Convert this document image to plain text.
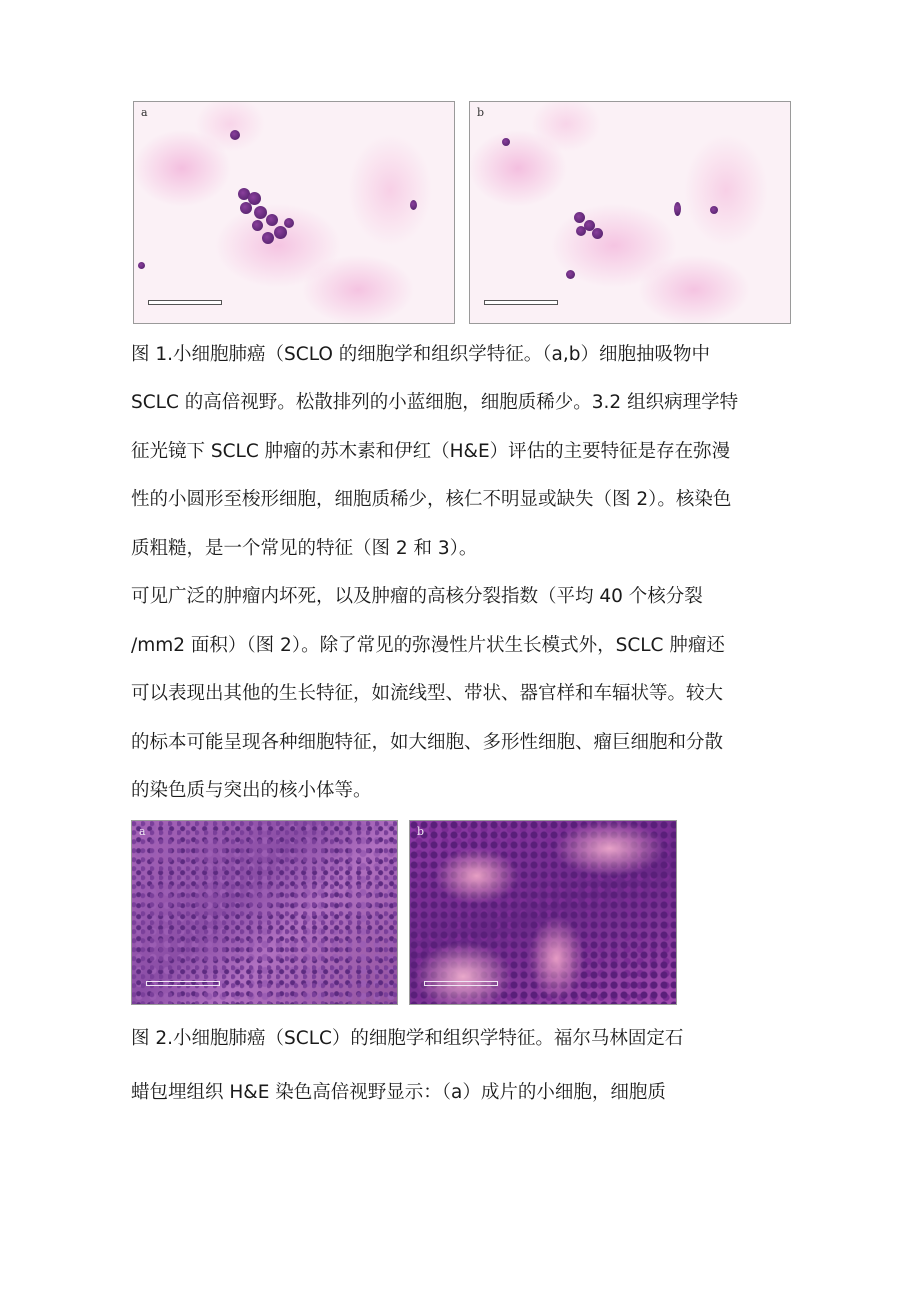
a	b

图 1.小细胞肺癌（SCLO 的细胞学和组织学特征。（a,b）细胞抽吸物中

SCLC 的高倍视野。松散排列的小蓝细胞，细胞质稀少。3.2 组织病理学特

征光镜下 SCLC 肿瘤的苏木素和伊红（H&E）评估的主要特征是存在弥漫

性的小圆形至梭形细胞，细胞质稀少，核仁不明显或缺失（图 2）。核染色

质粗糙，是一个常见的特征（图 2 和 3）。

可见广泛的肿瘤内坏死，以及肿瘤的高核分裂指数（平均 40 个核分裂

/mm2 面积）（图 2）。除了常见的弥漫性片状生长模式外，SCLC 肿瘤还

可以表现出其他的生长特征，如流线型、带状、器官样和车辐状等。较大

的标本可能呈现各种细胞特征，如大细胞、多形性细胞、瘤巨细胞和分散

的染色质与突出的核小体等。

a	b

图 2.小细胞肺癌（SCLC）的细胞学和组织学特征。福尔马林固定石

蜡包埋组织 H&E 染色高倍视野显示：（a）成片的小细胞，细胞质
